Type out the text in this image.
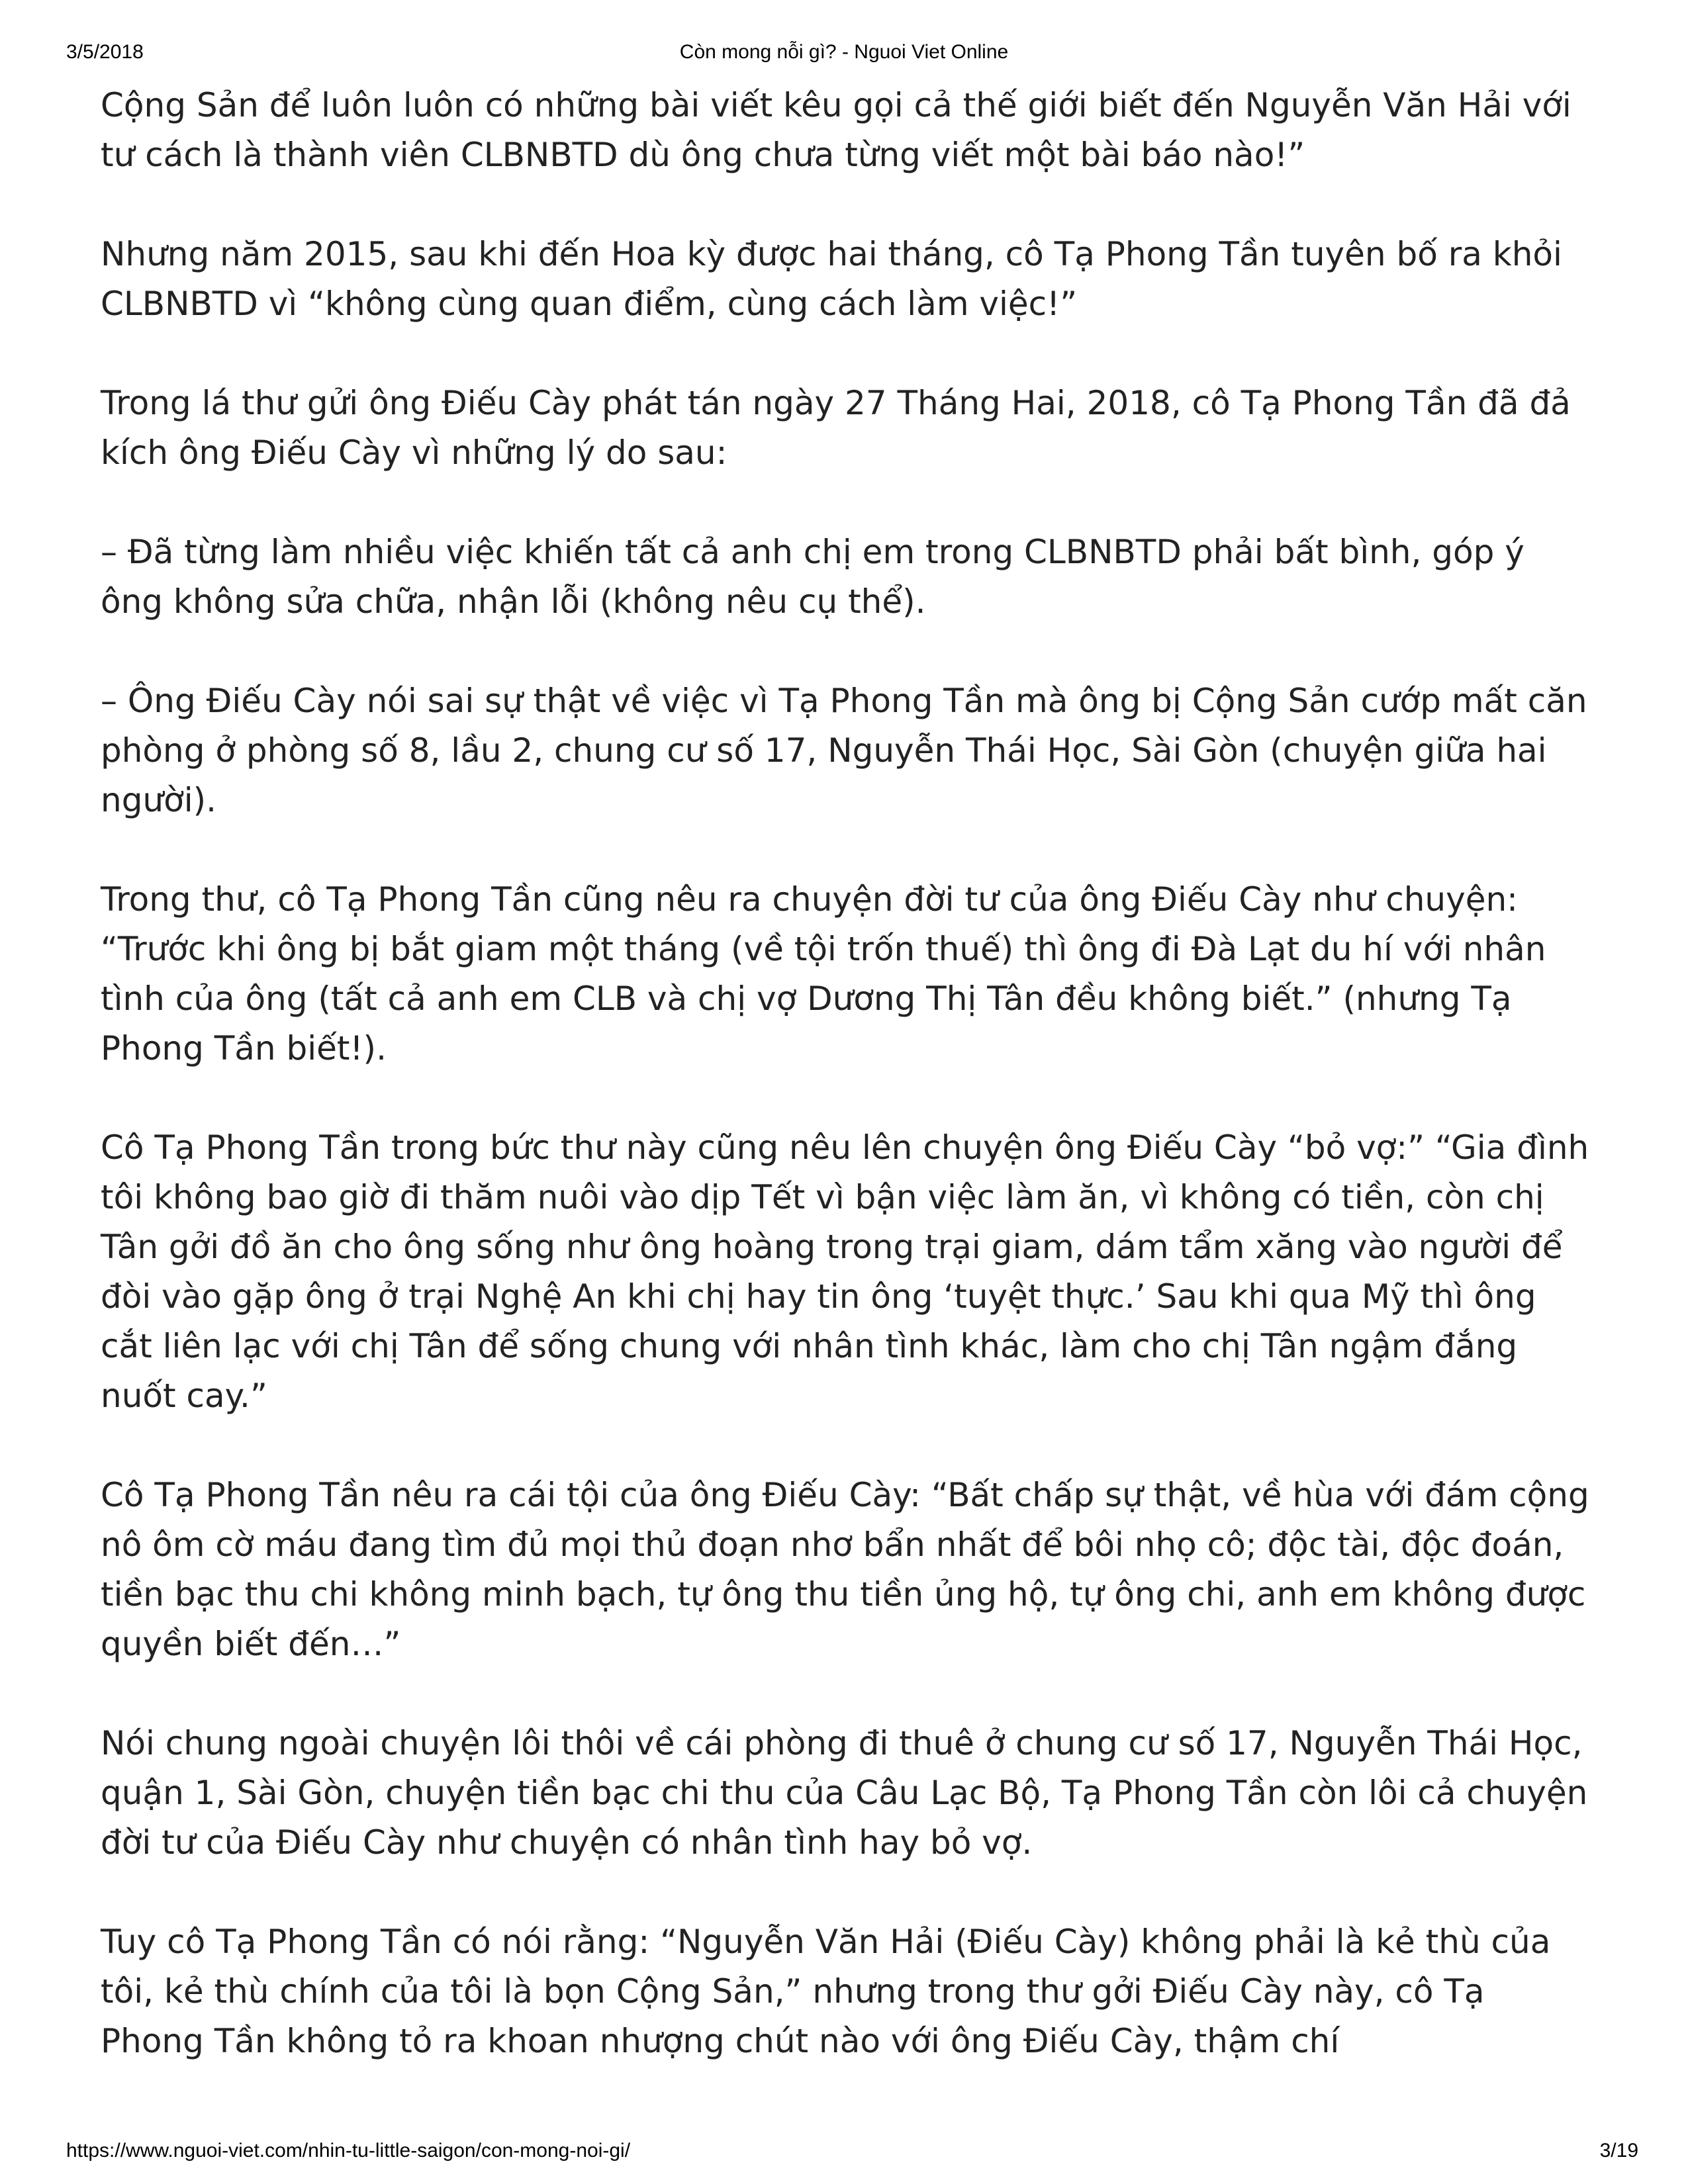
3/5/2018	Còn mong nỗi gì? - Nguoi Viet Online

Cộng Sản để luôn luôn có những bài viết kêu gọi cả thế giới biết đến Nguyễn Văn Hải với tư cách là thành viên CLBNBTD dù ông chưa từng viết một bài báo nào!”

Nhưng năm 2015, sau khi đến Hoa kỳ được hai tháng, cô Tạ Phong Tần tuyên bố ra khỏi CLBNBTD vì “không cùng quan điểm, cùng cách làm việc!”

Trong lá thư gửi ông Điếu Cày phát tán ngày 27 Tháng Hai, 2018, cô Tạ Phong Tần đã đả kích ông Điếu Cày vì những lý do sau:

– Đã từng làm nhiều việc khiến tất cả anh chị em trong CLBNBTD phải bất bình, góp ý ông không sửa chữa, nhận lỗi (không nêu cụ thể).

– Ông Điếu Cày nói sai sự thật về việc vì Tạ Phong Tần mà ông bị Cộng Sản cướp mất căn phòng ở phòng số 8, lầu 2, chung cư số 17, Nguyễn Thái Học, Sài Gòn (chuyện giữa hai người).

Trong thư, cô Tạ Phong Tần cũng nêu ra chuyện đời tư của ông Điếu Cày như chuyện: “Trước khi ông bị bắt giam một tháng (về tội trốn thuế) thì ông đi Đà Lạt du hí với nhân tình của ông (tất cả anh em CLB và chị vợ Dương Thị Tân đều không biết.” (nhưng Tạ Phong Tần biết!).

Cô Tạ Phong Tần trong bức thư này cũng nêu lên chuyện ông Điếu Cày “bỏ vợ:” “Gia đình tôi không bao giờ đi thăm nuôi vào dịp Tết vì bận việc làm ăn, vì không có tiền, còn chị Tân gởi đồ ăn cho ông sống như ông hoàng trong trại giam, dám tẩm xăng vào người để đòi vào gặp ông ở trại Nghệ An khi chị hay tin ông ‘tuyệt thực.’ Sau khi qua Mỹ thì ông cắt liên lạc với chị Tân để sống chung với nhân tình khác, làm cho chị Tân ngậm đắng nuốt cay.”

Cô Tạ Phong Tần nêu ra cái tội của ông Điếu Cày: “Bất chấp sự thật, về hùa với đám cộng nô ôm cờ máu đang tìm đủ mọi thủ đoạn nhơ bẩn nhất để bôi nhọ cô; độc tài, độc đoán, tiền bạc thu chi không minh bạch, tự ông thu tiền ủng hộ, tự ông chi, anh em không được quyền biết đến…”

Nói chung ngoài chuyện lôi thôi về cái phòng đi thuê ở chung cư số 17, Nguyễn Thái Học, quận 1, Sài Gòn, chuyện tiền bạc chi thu của Câu Lạc Bộ, Tạ Phong Tần còn lôi cả chuyện đời tư của Điếu Cày như chuyện có nhân tình hay bỏ vợ.

Tuy cô Tạ Phong Tần có nói rằng: “Nguyễn Văn Hải (Điếu Cày) không phải là kẻ thù của tôi, kẻ thù chính của tôi là bọn Cộng Sản,” nhưng trong thư gởi Điếu Cày này, cô Tạ Phong Tần không tỏ ra khoan nhượng chút nào với ông Điếu Cày, thậm chí

https://www.nguoi-viet.com/nhin-tu-little-saigon/con-mong-noi-gi/	3/19
